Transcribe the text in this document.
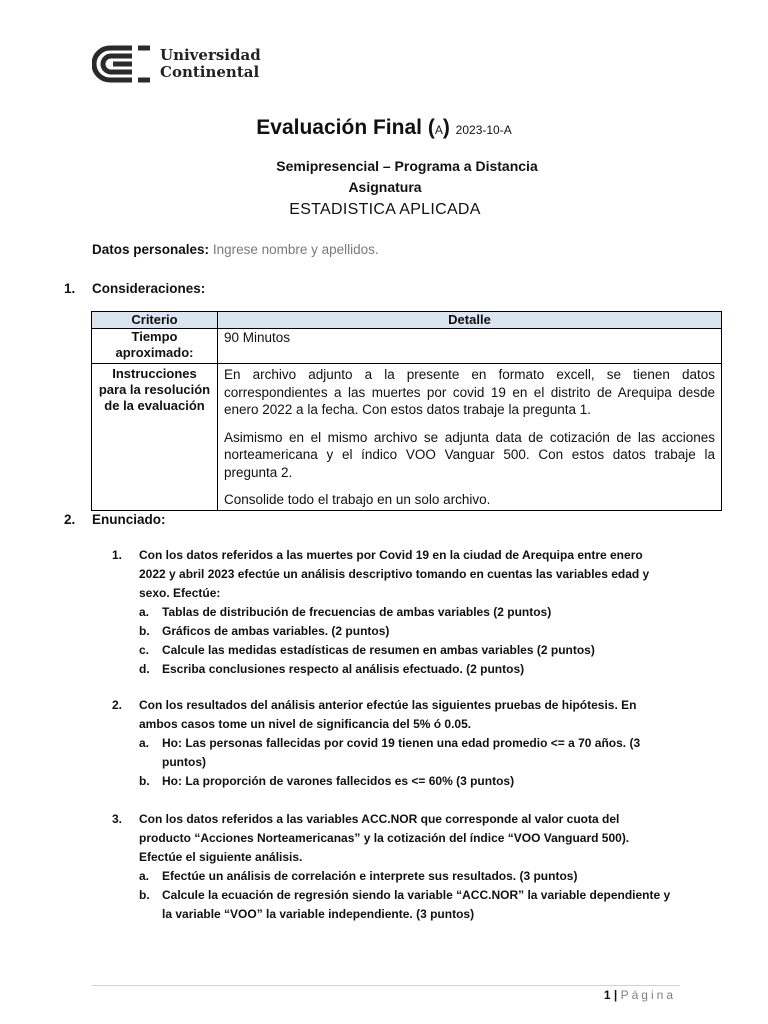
Universidad
Continental
Evaluación Final (A) 2023-10-A
Semipresencial – Programa a Distancia
Asignatura
ESTADISTICA APLICADA
Datos personales: Ingrese nombre y apellidos.
1. Consideraciones:
Criterio	Detalle
Tiempo aproximado:	90 Minutos

Instrucciones para la resolución de la evaluación	En archivo adjunto a la presente en formato excell, se tienen datos correspondientes a las muertes por covid 19 en el distrito de Arequipa desde enero 2022 a la fecha. Con estos datos trabaje la pregunta 1.

Asimismo en el mismo archivo se adjunta data de cotización de las acciones norteamericana y el índico VOO Vanguar 500. Con estos datos trabaje la pregunta 2.

Consolide todo el trabajo en un solo archivo.

2. Enunciado:
1. Con los datos referidos a las muertes por Covid 19 en la ciudad de Arequipa entre enero 2022 y abril 2023 efectúe un análisis descriptivo tomando en cuentas las variables edad y sexo. Efectúe:
a. Tablas de distribución de frecuencias de ambas variables (2 puntos)
b. Gráficos de ambas variables. (2 puntos)
c. Calcule las medidas estadísticas de resumen en ambas variables (2 puntos)
d. Escriba conclusiones respecto al análisis efectuado. (2 puntos)
2. Con los resultados del análisis anterior efectúe las siguientes pruebas de hipótesis. En ambos casos tome un nivel de significancia del 5% ó 0.05.
a. Ho: Las personas fallecidas por covid 19 tienen una edad promedio <= a 70 años. (3 puntos)
b. Ho: La proporción de varones fallecidos es <= 60% (3 puntos)
3. Con los datos referidos a las variables ACC.NOR que corresponde al valor cuota del producto “Acciones Norteamericanas” y la cotización del índice “VOO Vanguard 500). Efectúe el siguiente análisis.
a. Efectúe un análisis de correlación e interprete sus resultados. (3 puntos)
b. Calcule la ecuación de regresión siendo la variable “ACC.NOR” la variable dependiente y la variable “VOO” la variable independiente. (3 puntos)
1 | Página
